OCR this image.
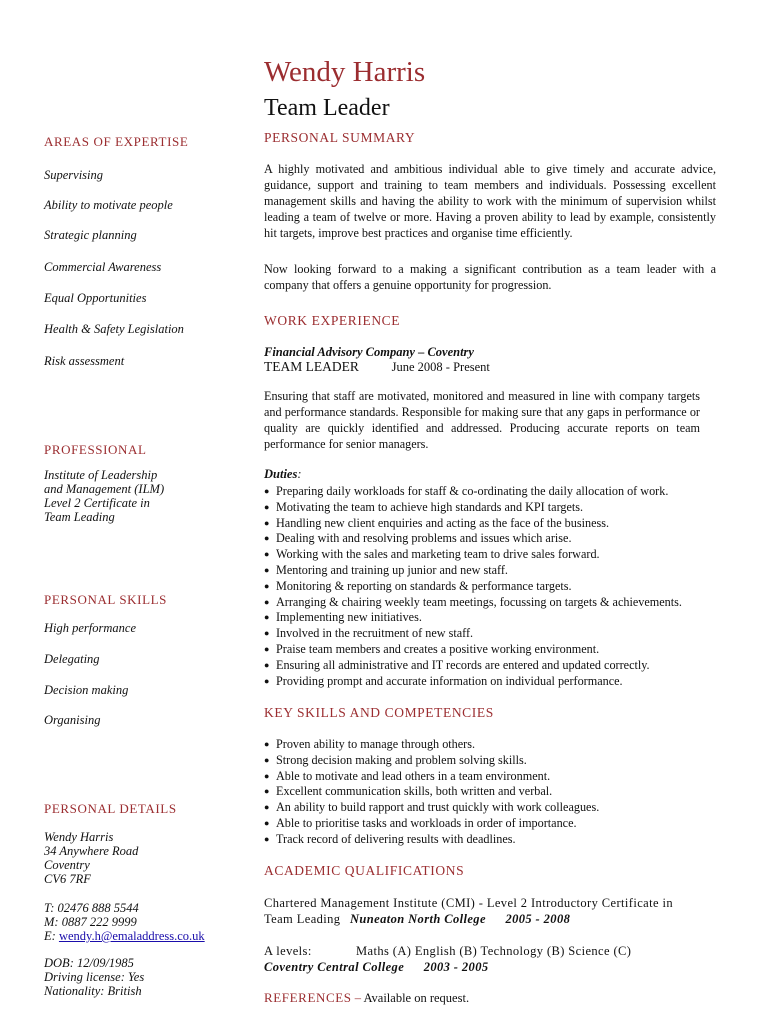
Wendy Harris
Team Leader
AREAS OF EXPERTISE
Supervising
Ability to motivate people
Strategic planning
Commercial Awareness
Equal Opportunities
Health & Safety Legislation
Risk assessment
PROFESSIONAL
Institute of Leadership
and Management (ILM)
Level 2 Certificate in
Team Leading
PERSONAL SKILLS
High performance
Delegating
Decision making
Organising
PERSONAL DETAILS
Wendy Harris
34 Anywhere Road
Coventry
CV6 7RF
T: 02476 888 5544
M: 0887 222 9999
E: wendy.h@emaladdress.co.uk
DOB: 12/09/1985
Driving license: Yes
Nationality: British
PERSONAL SUMMARY
A highly motivated and ambitious individual able to give timely and accurate advice, guidance, support and training to team members and individuals. Possessing excellent management skills and having the ability to work with the minimum of supervision whilst leading a team of twelve or more. Having a proven ability to lead by example, consistently hit targets, improve best practices and organise time efficiently.
Now looking forward to a making a significant contribution as a team leader with a company that offers a genuine opportunity for progression.
WORK EXPERIENCE
Financial Advisory Company – Coventry
TEAM LEADER	June 2008 - Present
Ensuring that staff are motivated, monitored and measured in line with company targets and performance standards. Responsible for making sure that any gaps in performance or quality are quickly identified and addressed. Producing accurate reports on team performance for senior managers.
Duties:
● Preparing daily workloads for staff & co-ordinating the daily allocation of work.
● Motivating the team to achieve high standards and KPI targets.
● Handling new client enquiries and acting as the face of the business.
● Dealing with and resolving problems and issues which arise.
● Working with the sales and marketing team to drive sales forward.
● Mentoring and training up junior and new staff.
● Monitoring & reporting on standards & performance targets.
● Arranging & chairing weekly team meetings, focussing on targets & achievements.
● Implementing new initiatives.
● Involved in the recruitment of new staff.
● Praise team members and creates a positive working environment.
● Ensuring all administrative and IT records are entered and updated correctly.
● Providing prompt and accurate information on individual performance.
KEY SKILLS AND COMPETENCIES
● Proven ability to manage through others.
● Strong decision making and problem solving skills.
● Able to motivate and lead others in a team environment.
● Excellent communication skills, both written and verbal.
● An ability to build rapport and trust quickly with work colleagues.
● Able to prioritise tasks and workloads in order of importance.
● Track record of delivering results with deadlines.
ACADEMIC QUALIFICATIONS
Chartered Management Institute (CMI) - Level 2 Introductory Certificate in
Team Leading Nuneaton North College 2005 - 2008
A levels:	Maths (A) English (B) Technology (B) Science (C)
Coventry Central College 2003 - 2005
REFERENCES – Available on request.
